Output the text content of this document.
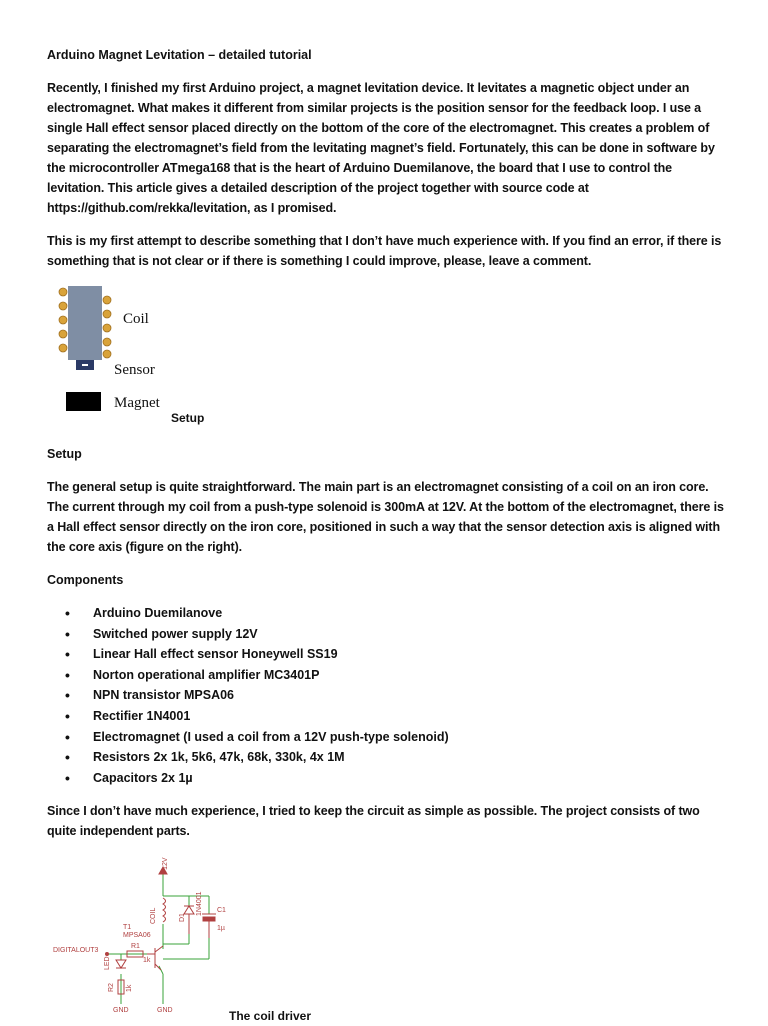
Arduino Magnet Levitation – detailed tutorial

Recently, I finished my first Arduino project, a magnet levitation device. It levitates a magnetic object under an electromagnet. What makes it different from similar projects is the position sensor for the feedback loop. I use a single Hall effect sensor placed directly on the bottom of the core of the electromagnet. This creates a problem of separating the electromagnet’s field from the levitating magnet’s field. Fortunately, this can be done in software by the microcontroller ATmega168 that is the heart of Arduino Duemilanove, the board that I use to control the levitation. This article gives a detailed description of the project together with source code at https://github.com/rekka/levitation, as I promised.

This is my first attempt to describe something that I don’t have much experience with. If you find an error, if there is something that is not clear or if there is something I could improve, please, leave a comment.

Coil
Sensor
Magnet
Setup
Setup

The general setup is quite straightforward. The main part is an electromagnet consisting of a coil on an iron core. The current through my coil from a push-type solenoid is 300mA at 12V. At the bottom of the electromagnet, there is a Hall effect sensor directly on the iron core, positioned in such a way that the sensor detection axis is aligned with the core axis (figure on the right).

Components
• Arduino Duemilanove
• Switched power supply 12V
• Linear Hall effect sensor Honeywell SS19
• Norton operational amplifier MC3401P
• NPN transistor MPSA06
• Rectifier 1N4001
• Electromagnet (I used a coil from a 12V push-type solenoid)
• Resistors 2x 1k, 5k6, 47k, 68k, 330k, 4x 1M
• Capacitors 2x 1µ

Since I don’t have much experience, I tried to keep the circuit as simple as possible. The project consists of two quite independent parts.

+12V
COIL	D1
1N4001 C1
1µ
T1
MPSA06
R1
1k
DIGITALOUT3
LED
R2 1k
GND	GND	The coil driver
